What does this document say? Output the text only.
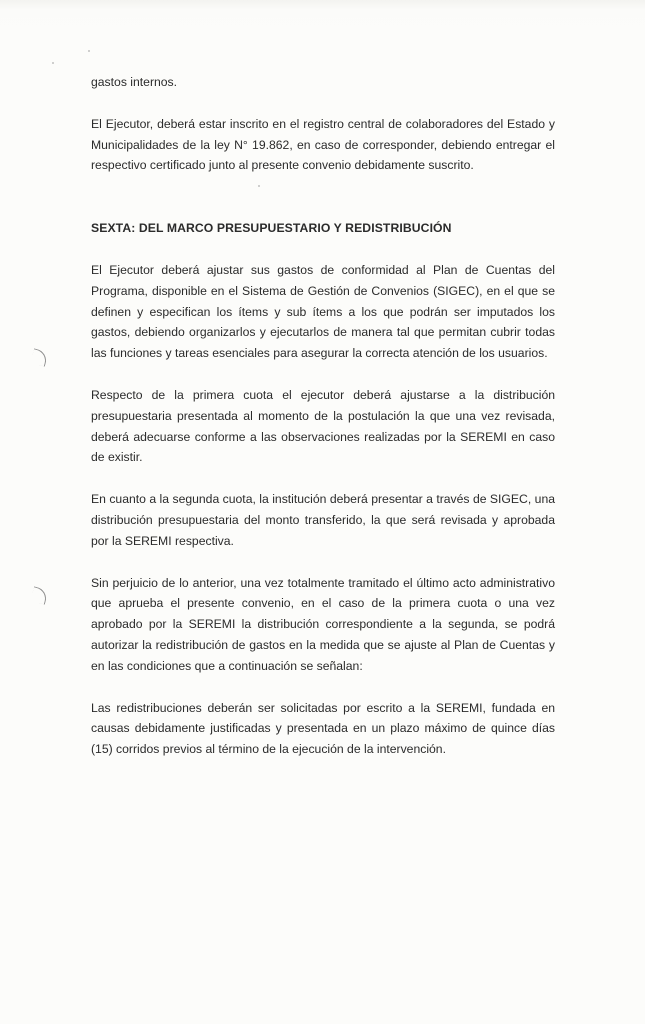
gastos internos.

El Ejecutor, deberá estar inscrito en el registro central de colaboradores del Estado y Municipalidades de la ley N° 19.862, en caso de corresponder, debiendo entregar el respectivo certificado junto al presente convenio debidamente suscrito.

SEXTA: DEL MARCO PRESUPUESTARIO Y REDISTRIBUCIÓN

El Ejecutor deberá ajustar sus gastos de conformidad al Plan de Cuentas del Programa, disponible en el Sistema de Gestión de Convenios (SIGEC), en el que se definen y especifican los ítems y sub ítems a los que podrán ser imputados los gastos, debiendo organizarlos y ejecutarlos de manera tal que permitan cubrir todas las funciones y tareas esenciales para asegurar la correcta atención de los usuarios.

Respecto de la primera cuota el ejecutor deberá ajustarse a la distribución presupuestaria presentada al momento de la postulación la que una vez revisada, deberá adecuarse conforme a las observaciones realizadas por la SEREMI en caso de existir.

En cuanto a la segunda cuota, la institución deberá presentar a través de SIGEC, una distribución presupuestaria del monto transferido, la que será revisada y aprobada por la SEREMI respectiva.

Sin perjuicio de lo anterior, una vez totalmente tramitado el último acto administrativo que aprueba el presente convenio, en el caso de la primera cuota o una vez aprobado por la SEREMI la distribución correspondiente a la segunda, se podrá autorizar la redistribución de gastos en la medida que se ajuste al Plan de Cuentas y en las condiciones que a continuación se señalan:

Las redistribuciones deberán ser solicitadas por escrito a la SEREMI, fundada en causas debidamente justificadas y presentada en un plazo máximo de quince días (15) corridos previos al término de la ejecución de la intervención.
